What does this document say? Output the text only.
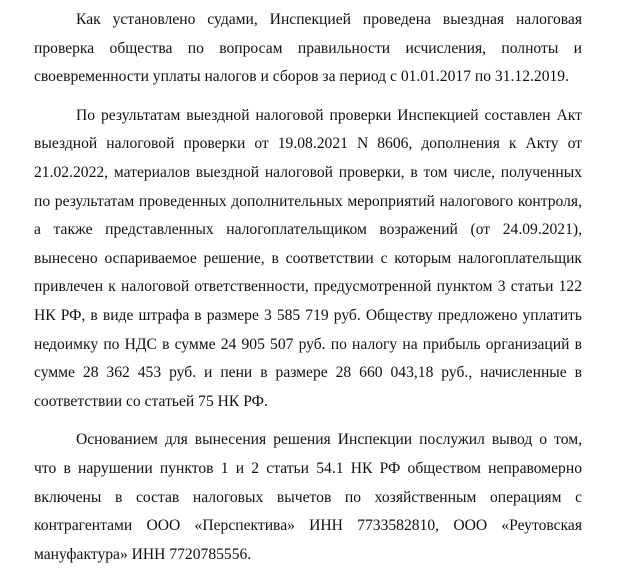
Как установлено судами, Инспекцией проведена выездная налоговая проверка общества по вопросам правильности исчисления, полноты и своевременности уплаты налогов и сборов за период с 01.01.2017 по 31.12.2019.

По результатам выездной налоговой проверки Инспекцией составлен Акт выездной налоговой проверки от 19.08.2021 N 8606, дополнения к Акту от 21.02.2022, материалов выездной налоговой проверки, в том числе, полученных по результатам проведенных дополнительных мероприятий налогового контроля, а также представленных налогоплательщиком возражений (от 24.09.2021), вынесено оспариваемое решение, в соответствии с которым налогоплательщик привлечен к налоговой ответственности, предусмотренной пунктом 3 статьи 122 НК РФ, в виде штрафа в размере 3 585 719 руб. Обществу предложено уплатить недоимку по НДС в сумме 24 905 507 руб. по налогу на прибыль организаций в сумме 28 362 453 руб. и пени в размере 28 660 043,18 руб., начисленные в соответствии со статьей 75 НК РФ.

Основанием для вынесения решения Инспекции послужил вывод о том, что в нарушении пунктов 1 и 2 статьи 54.1 НК РФ обществом неправомерно включены в состав налоговых вычетов по хозяйственным операциям с контрагентами ООО «Перспектива» ИНН 7733582810, ООО «Реутовская мануфактура» ИНН 7720785556.
